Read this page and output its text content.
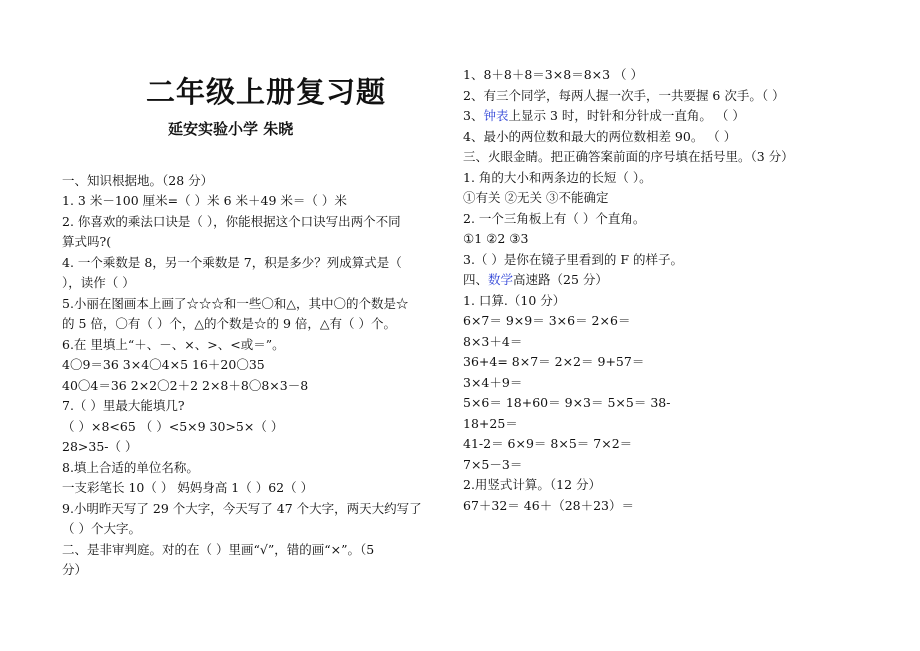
二年级上册复习题
延安实验小学 朱晓
一、知识根据地。（28 分）
1. 3 米－100 厘米=（ ）米 6 米＋49 米＝（ ）米
2. 你喜欢的乘法口诀是（ ），你能根据这个口诀写出两个不同
算式吗?(
4. 一个乘数是 8，另一个乘数是 7，积是多少？列成算式是（
），读作（ ）
5.小丽在图画本上画了☆☆☆和一些〇和△，其中〇的个数是☆
的 5 倍，〇有（ ）个，△的个数是☆的 9 倍，△有（ ）个。
6.在 里填上“＋、－、×、>、<或＝”。
4〇9＝36 3×4〇4×5 16＋20〇35
40〇4＝36 2×2〇2＋2 2×8＋8〇8×3－8
7.（ ）里最大能填几?
（ ）×8<65 （ ）<5×9 30>5×（ ）
28>35-（ ）
8.填上合适的单位名称。
一支彩笔长 10（ ） 妈妈身高 1（ ）62（ ）
9.小明昨天写了 29 个大字，今天写了 47 个大字，两天大约写了
（ ）个大字。
二、是非审判庭。对的在（ ）里画“√”，错的画“×”。（5
分）
1、8＋8＋8＝3×8＝8×3 （ ）
2、有三个同学，每两人握一次手，一共要握 6 次手。（ ）
3、钟表上显示 3 时，时针和分针成一直角。 （ ）
4、最小的两位数和最大的两位数相差 90。 （ ）
三、火眼金睛。把正确答案前面的序号填在括号里。（3 分）
1. 角的大小和两条边的长短（ ）。
①有关 ②无关 ③不能确定
2. 一个三角板上有（ ）个直角。
①1 ②2 ③3
3.（ ）是你在镜子里看到的 F 的样子。
四、数学高速路（25 分）
1. 口算.（10 分）
6×7＝ 9×9＝ 3×6＝ 2×6＝
8×3＋4＝
36+4= 8×7＝ 2×2＝ 9+57＝
3×4＋9＝
5×6＝ 18+60＝ 9×3＝ 5×5＝ 38-
18+25＝
41-2＝ 6×9＝ 8×5＝ 7×2＝
7×5－3＝
2.用竖式计算。（12 分）
67＋32＝ 46＋（28＋23）＝
